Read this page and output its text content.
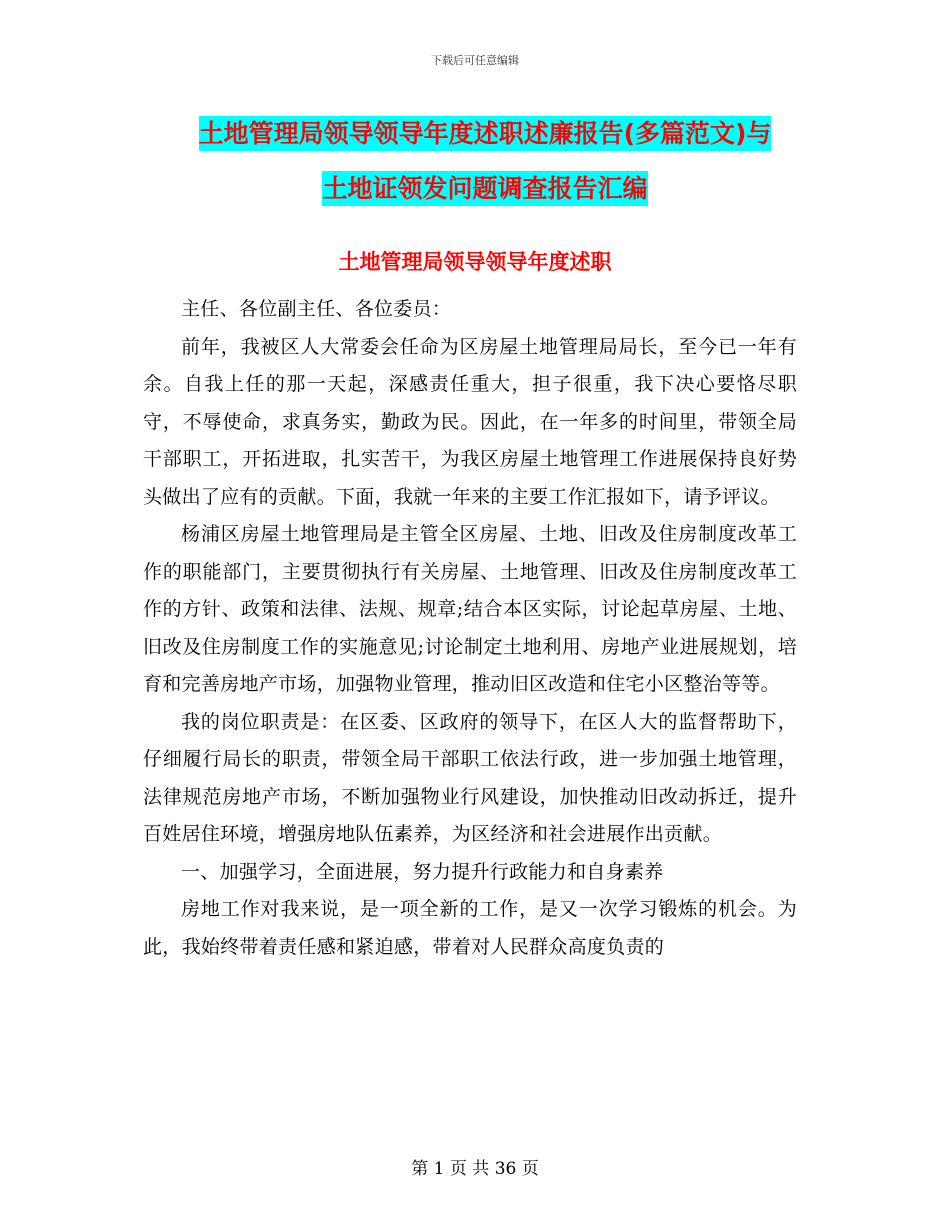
下载后可任意编辑
土地管理局领导领导年度述职述廉报告(多篇范文)与
土地证领发问题调查报告汇编
土地管理局领导领导年度述职

主任、各位副主任、各位委员：

前年，我被区人大常委会任命为区房屋土地管理局局长，至今已一年有余。自我上任的那一天起，深感责任重大，担子很重，我下决心要恪尽职守，不辱使命，求真务实，勤政为民。因此，在一年多的时间里，带领全局干部职工，开拓进取，扎实苦干，为我区房屋土地管理工作进展保持良好势头做出了应有的贡献。下面，我就一年来的主要工作汇报如下，请予评议。

杨浦区房屋土地管理局是主管全区房屋、土地、旧改及住房制度改革工作的职能部门，主要贯彻执行有关房屋、土地管理、旧改及住房制度改革工作的方针、政策和法律、法规、规章;结合本区实际，讨论起草房屋、土地、旧改及住房制度工作的实施意见;讨论制定土地利用、房地产业进展规划，培育和完善房地产市场，加强物业管理，推动旧区改造和住宅小区整治等等。

我的岗位职责是：在区委、区政府的领导下，在区人大的监督帮助下，仔细履行局长的职责，带领全局干部职工依法行政，进一步加强土地管理，法律规范房地产市场，不断加强物业行风建设，加快推动旧改动拆迁，提升百姓居住环境，增强房地队伍素养，为区经济和社会进展作出贡献。

一、加强学习，全面进展，努力提升行政能力和自身素养

房地工作对我来说，是一项全新的工作，是又一次学习锻炼的机会。为此，我始终带着责任感和紧迫感，带着对人民群众高度负责的

第 1 页 共 36 页
